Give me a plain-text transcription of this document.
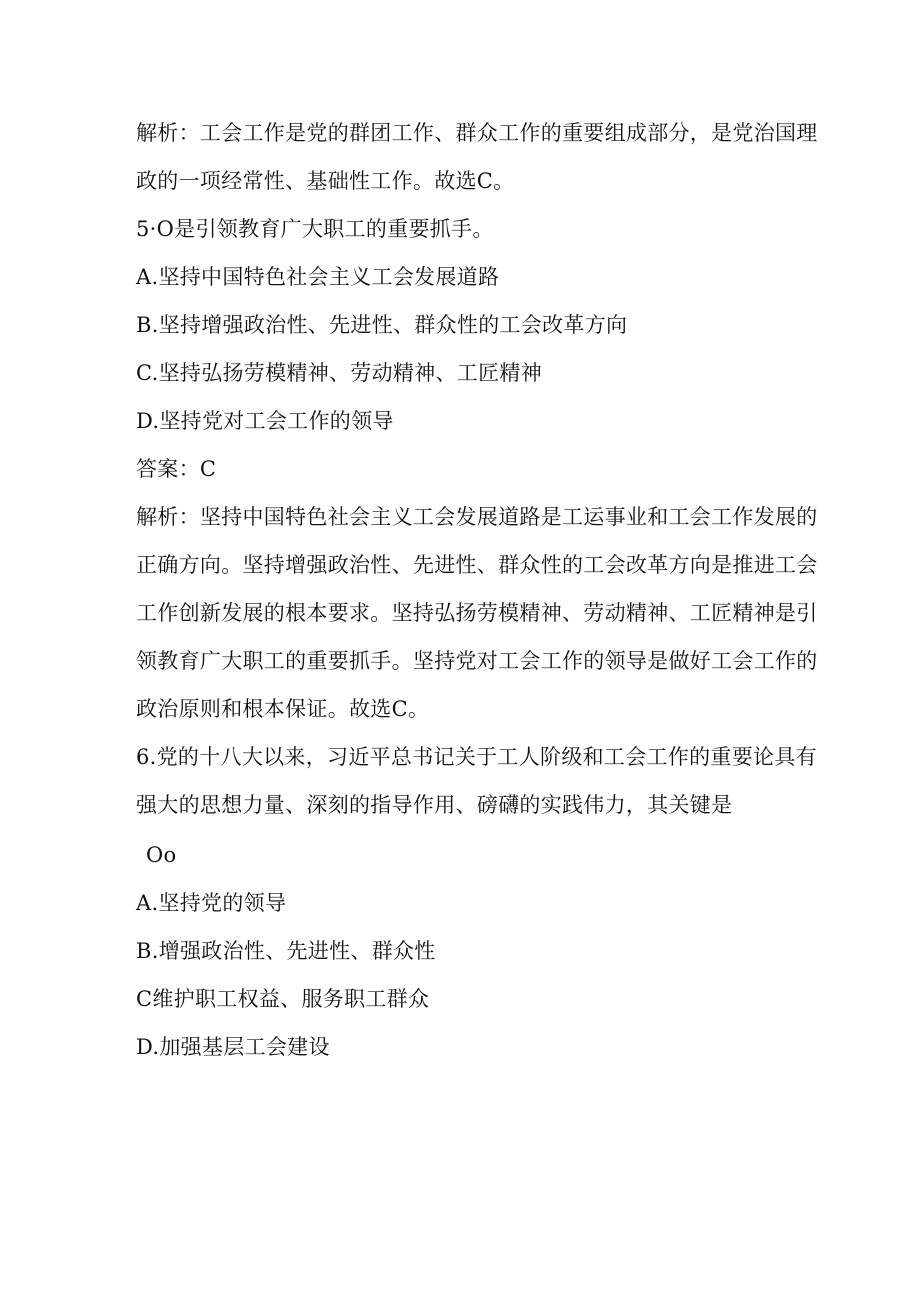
解析：工会工作是党的群团工作、群众工作的重要组成部分，是党治国理
政的一项经常性、基础性工作。故选C。
5·O是引领教育广大职工的重要抓手。
A.坚持中国特色社会主义工会发展道路
B.坚持增强政治性、先进性、群众性的工会改革方向
C.坚持弘扬劳模精神、劳动精神、工匠精神
D.坚持党对工会工作的领导
答案：C
解析：坚持中国特色社会主义工会发展道路是工运事业和工会工作发展的
正确方向。坚持增强政治性、先进性、群众性的工会改革方向是推进工会
工作创新发展的根本要求。坚持弘扬劳模精神、劳动精神、工匠精神是引
领教育广大职工的重要抓手。坚持党对工会工作的领导是做好工会工作的
政治原则和根本保证。故选C。
6.党的十八大以来，习近平总书记关于工人阶级和工会工作的重要论具有
强大的思想力量、深刻的指导作用、磅礴的实践伟力，其关键是
Oo
A.坚持党的领导
B.增强政治性、先进性、群众性
C维护职工权益、服务职工群众
D.加强基层工会建设
